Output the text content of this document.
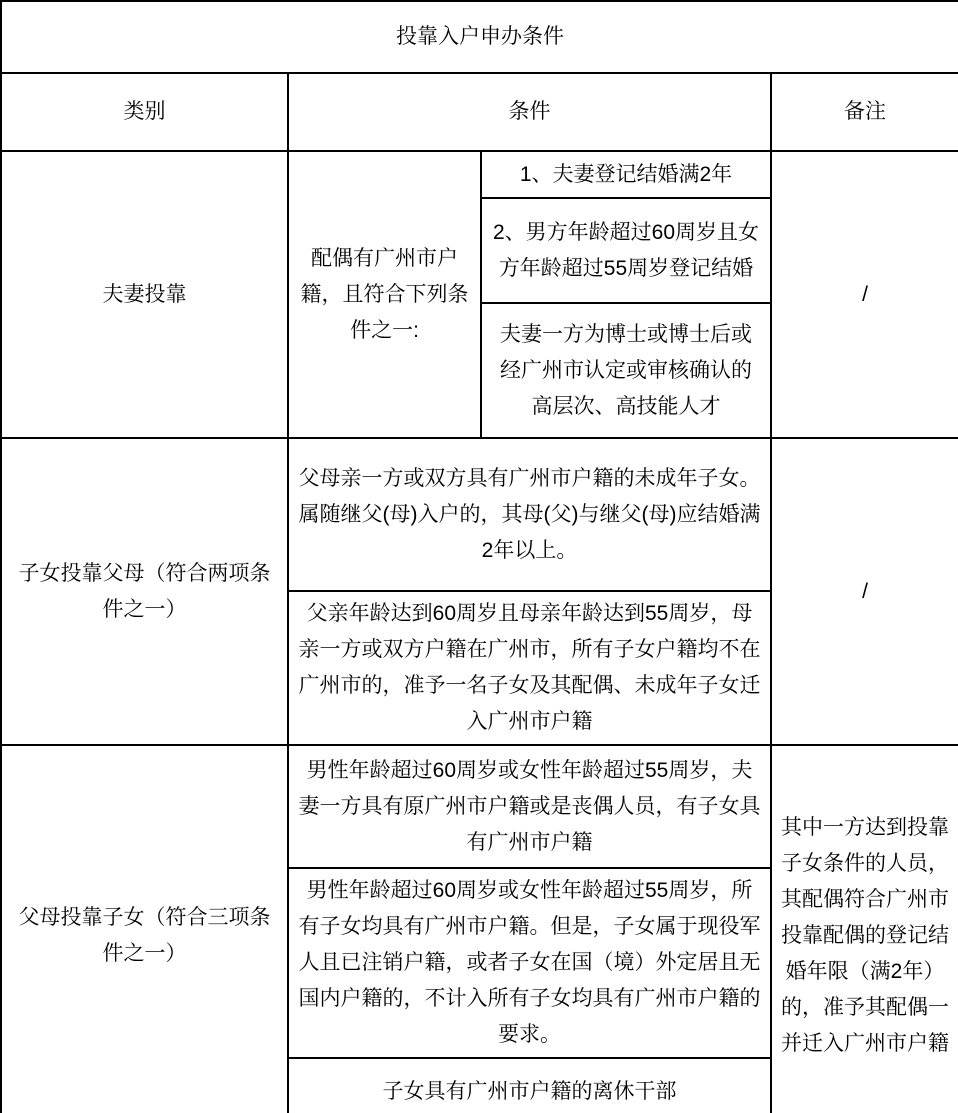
投靠入户申办条件			
类别	条件		备注
夫妻投靠	配偶有广州市户籍，且符合下列条件之一:	1、夫妻登记结婚满2年	/
		2、男方年龄超过60周岁且女方年龄超过55周岁登记结婚	
		夫妻一方为博士或博士后或经广州市认定或审核确认的高层次、高技能人才	
子女投靠父母（符合两项条件之一）	父母亲一方或双方具有广州市户籍的未成年子女。属随继父(母)入户的，其母(父)与继父(母)应结婚满2年以上。		/
	父亲年龄达到60周岁且母亲年龄达到55周岁，母亲一方或双方户籍在广州市，所有子女户籍均不在广州市的，准予一名子女及其配偶、未成年子女迁入广州市户籍		
父母投靠子女（符合三项条件之一）	男性年龄超过60周岁或女性年龄超过55周岁，夫妻一方具有原广州市户籍或是丧偶人员，有子女具有广州市户籍		其中一方达到投靠子女条件的人员，其配偶符合广州市投靠配偶的登记结婚年限（满2年）的，准予其配偶一并迁入广州市户籍
	男性年龄超过60周岁或女性年龄超过55周岁，所有子女均具有广州市户籍。但是，子女属于现役军人且已注销户籍，或者子女在国（境）外定居且无国内户籍的，不计入所有子女均具有广州市户籍的要求。		
	子女具有广州市户籍的离休干部		
